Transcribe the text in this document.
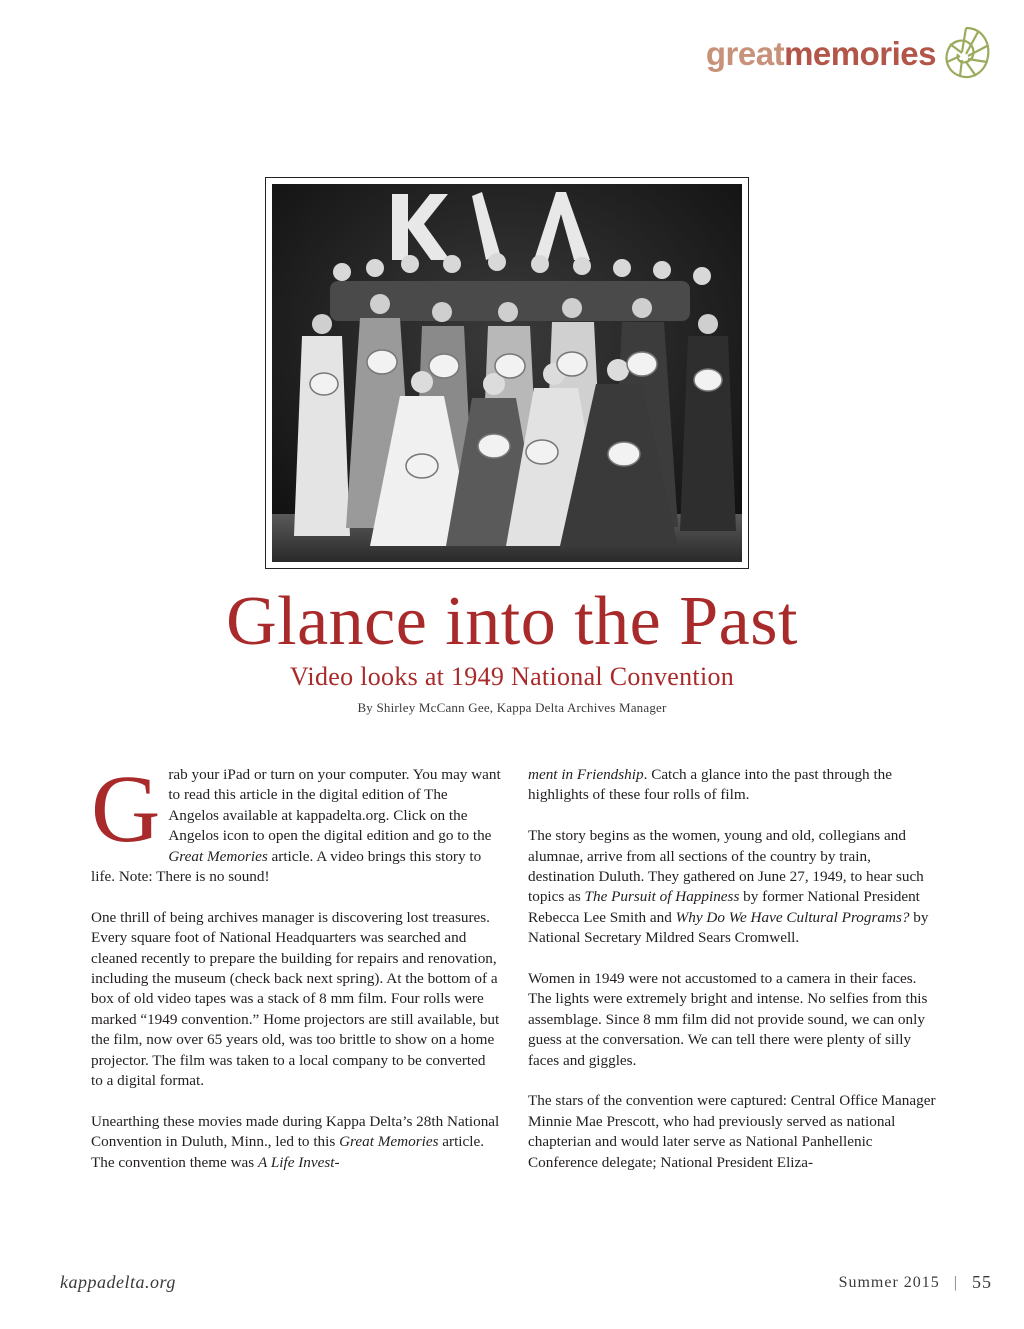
greatmemories
Glance into the Past
Video looks at 1949 National Convention

By Shirley McCann Gee, Kappa Delta Archives Manager

Grab your iPad or turn on your computer. You may want to read this article in the digital edition of The Angelos available at kappadelta.org. Click on the Angelos icon to open the digital edition and go to the Great Memories article. A video brings this story to life. Note: There is no sound!

One thrill of being archives manager is discovering lost treasures. Every square foot of National Headquarters was searched and cleaned recently to prepare the building for repairs and renovation, including the museum (check back next spring). At the bottom of a box of old video tapes was a stack of 8 mm film. Four rolls were marked “1949 convention.” Home projectors are still available, but the film, now over 65 years old, was too brittle to show on a home projector. The film was taken to a local company to be converted to a digital format.

Unearthing these movies made during Kappa Delta’s 28th National Convention in Duluth, Minn., led to this Great Memories article. The convention theme was A Life Invest-

ment in Friendship. Catch a glance into the past through the highlights of these four rolls of film.

The story begins as the women, young and old, collegians and alumnae, arrive from all sections of the country by train, destination Duluth. They gathered on June 27, 1949, to hear such topics as The Pursuit of Happiness by former National President Rebecca Lee Smith and Why Do We Have Cultural Programs? by National Secretary Mildred Sears Cromwell.

Women in 1949 were not accustomed to a camera in their faces. The lights were extremely bright and intense. No selfies from this assemblage. Since 8 mm film did not provide sound, we can only guess at the conversation. We can tell there were plenty of silly faces and giggles.

The stars of the convention were captured: Central Office Manager Minnie Mae Prescott, who had previously served as national chapterian and would later serve as National Panhellenic Conference delegate; National President Eliza-

kappadelta.org	Summer 2015 | 55
